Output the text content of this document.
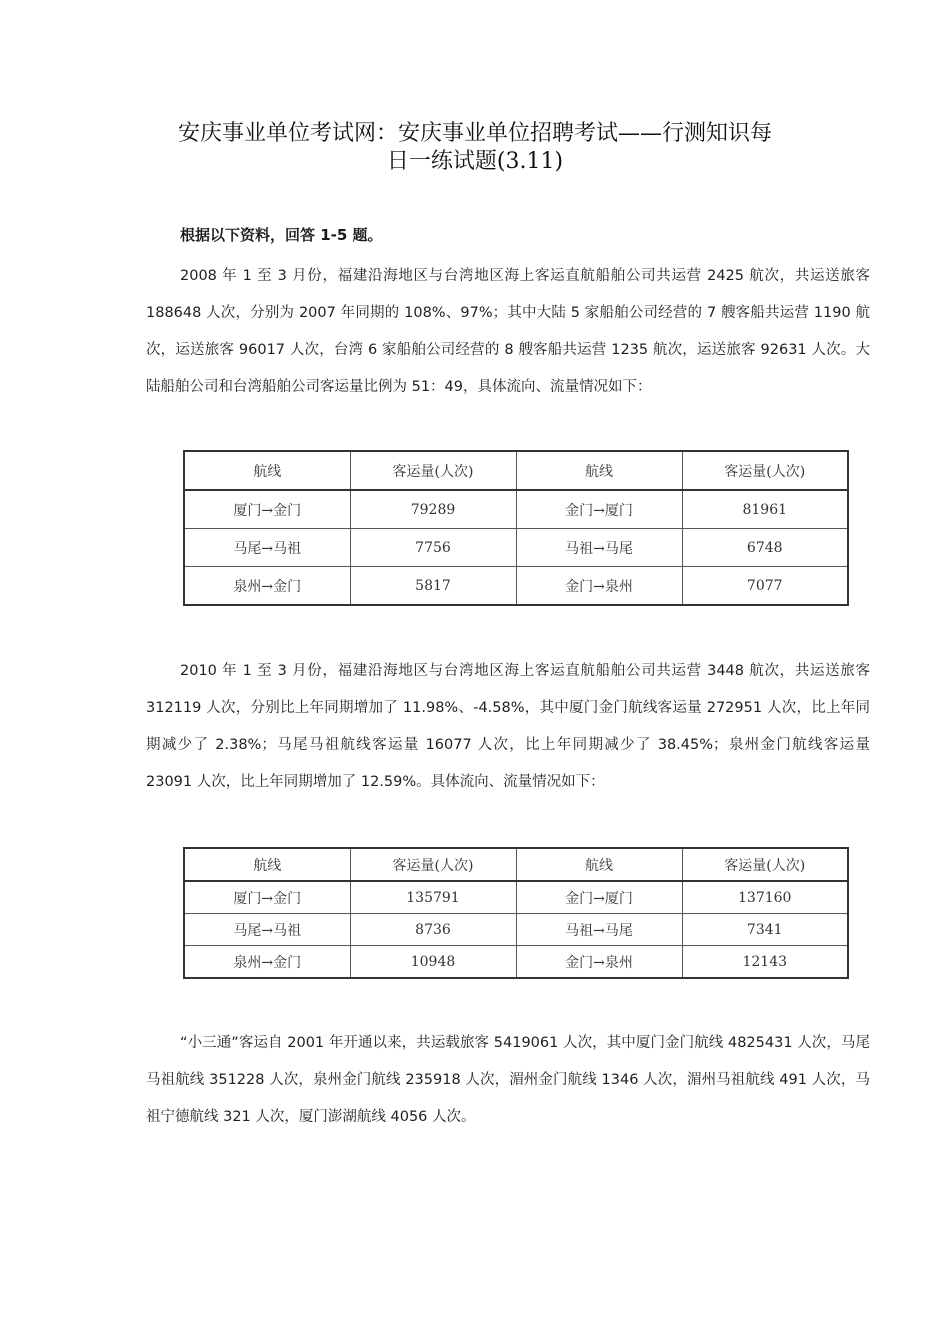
安庆事业单位考试网：安庆事业单位招聘考试——行测知识每
日一练试题(3.11)
根据以下资料，回答 1-5 题。

2008 年 1 至 3 月份，福建沿海地区与台湾地区海上客运直航船舶公司共运营 2425 航次，共运送旅客 188648 人次，分别为 2007 年同期的 108%、97%；其中大陆 5 家船舶公司经营的 7 艘客船共运营 1190 航次，运送旅客 96017 人次，台湾 6 家船舶公司经营的 8 艘客船共运营 1235 航次，运送旅客 92631 人次。大陆船舶公司和台湾船舶公司客运量比例为 51：49，具体流向、流量情况如下：

航线	客运量(人次)	航线	客运量(人次)
厦门→金门	79289	金门→厦门	81961
马尾→马祖	7756	马祖→马尾	6748
泉州→金门	5817	金门→泉州	7077

2010 年 1 至 3 月份，福建沿海地区与台湾地区海上客运直航船舶公司共运营 3448 航次，共运送旅客 312119 人次，分别比上年同期增加了 11.98%、-4.58%，其中厦门金门航线客运量 272951 人次，比上年同期减少了 2.38%；马尾马祖航线客运量 16077 人次，比上年同期减少了 38.45%；泉州金门航线客运量 23091 人次，比上年同期增加了 12.59%。具体流向、流量情况如下：

航线	客运量(人次)	航线	客运量(人次)
厦门→金门	135791	金门→厦门	137160
马尾→马祖	8736	马祖→马尾	7341
泉州→金门	10948	金门→泉州	12143

“小三通”客运自 2001 年开通以来，共运载旅客 5419061 人次，其中厦门金门航线 4825431 人次，马尾马祖航线 351228 人次，泉州金门航线 235918 人次，湄州金门航线 1346 人次，湄州马祖航线 491 人次，马祖宁德航线 321 人次，厦门澎湖航线 4056 人次。
